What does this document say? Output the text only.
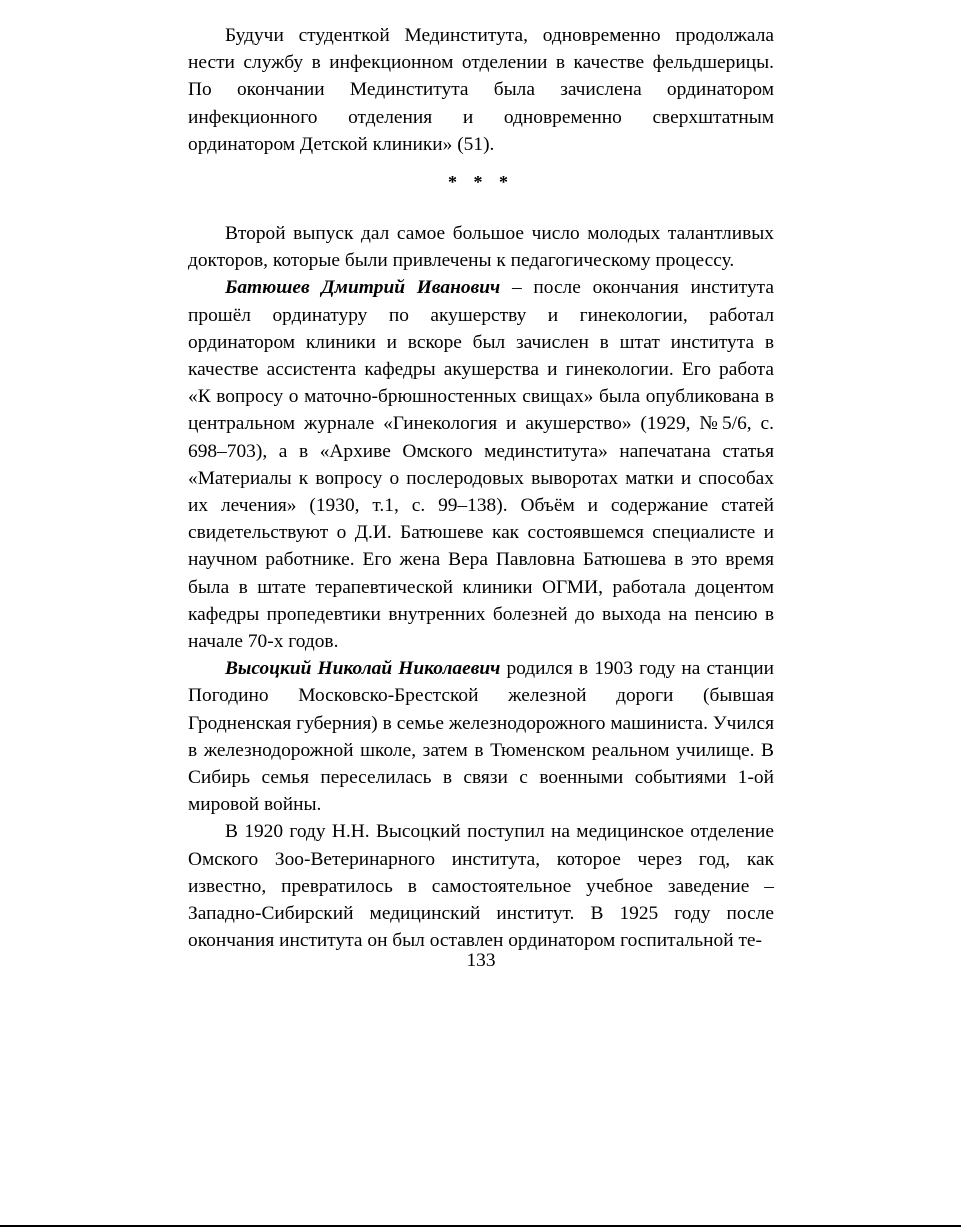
Будучи студенткой Мединститута, одновременно продолжала нести службу в инфекционном отделении в качестве фельдшерицы. По окончании Мединститута была зачислена ординатором инфекционного отделения и одновременно сверхштатным ординатором Детской клиники» (51).

* * *

Второй выпуск дал самое большое число молодых талантливых докторов, которые были привлечены к педагогическому процессу.

Батюшев Дмитрий Иванович – после окончания института прошёл ординатуру по акушерству и гинекологии, работал ординатором клиники и вскоре был зачислен в штат института в качестве ассистента кафедры акушерства и гинекологии. Его работа «К вопросу о маточно-брюшностенных свищах» была опубликована в центральном журнале «Гинекология и акушерство» (1929, №5/6, с. 698–703), а в «Архиве Омского мединститута» напечатана статья «Материалы к вопросу о послеродовых выворотах матки и способах их лечения» (1930, т.1, с. 99–138). Объём и содержание статей свидетельствуют о Д.И. Батюшеве как состоявшемся специалисте и научном работнике. Его жена Вера Павловна Батюшева в это время была в штате терапевтической клиники ОГМИ, работала доцентом кафедры пропедевтики внутренних болезней до выхода на пенсию в начале 70-х годов.

Высоцкий Николай Николаевич родился в 1903 году на станции Погодино Московско-Брестской железной дороги (бывшая Гродненская губерния) в семье железнодорожного машиниста. Учился в железнодорожной школе, затем в Тюменском реальном училище. В Сибирь семья переселилась в связи с военными событиями 1-ой мировой войны.

В 1920 году Н.Н. Высоцкий поступил на медицинское отделение Омского Зоо-Ветеринарного института, которое через год, как известно, превратилось в самостоятельное учебное заведение – Западно-Сибирский медицинский институт. В 1925 году после окончания института он был оставлен ординатором госпитальной те-

133
